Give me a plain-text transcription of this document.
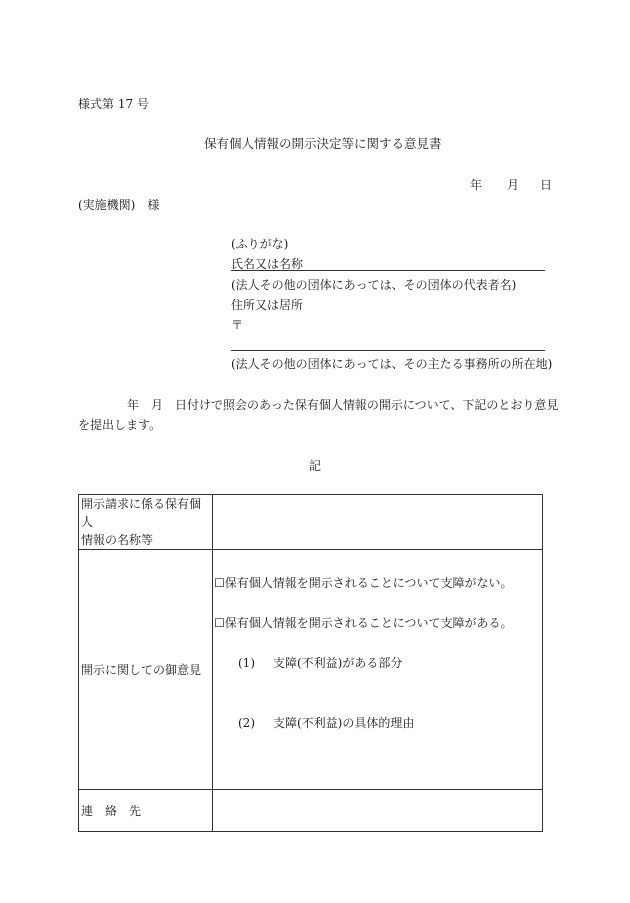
様式第 17 号
保有個人情報の開示決定等に関する意見書
年 月 日
(実施機関)　様
(ふりがな)
氏名又は名称
(法人その他の団体にあっては、その団体の代表者名)
住所又は居所
〒
(法人その他の団体にあっては、その主たる事務所の所在地)
年　月　日付けで照会のあった保有個人情報の開示について、下記のとおり意見
を提出します。
記
開示請求に係る保有個人
情報の名称等	

開示に関しての御意見	☐保有個人情報を開示されることについて支障がない。
☐保有個人情報を開示されることについて支障がある。
(1) 支障(不利益)がある部分
(2) 支障(不利益)の具体的理由

連　絡　先	
